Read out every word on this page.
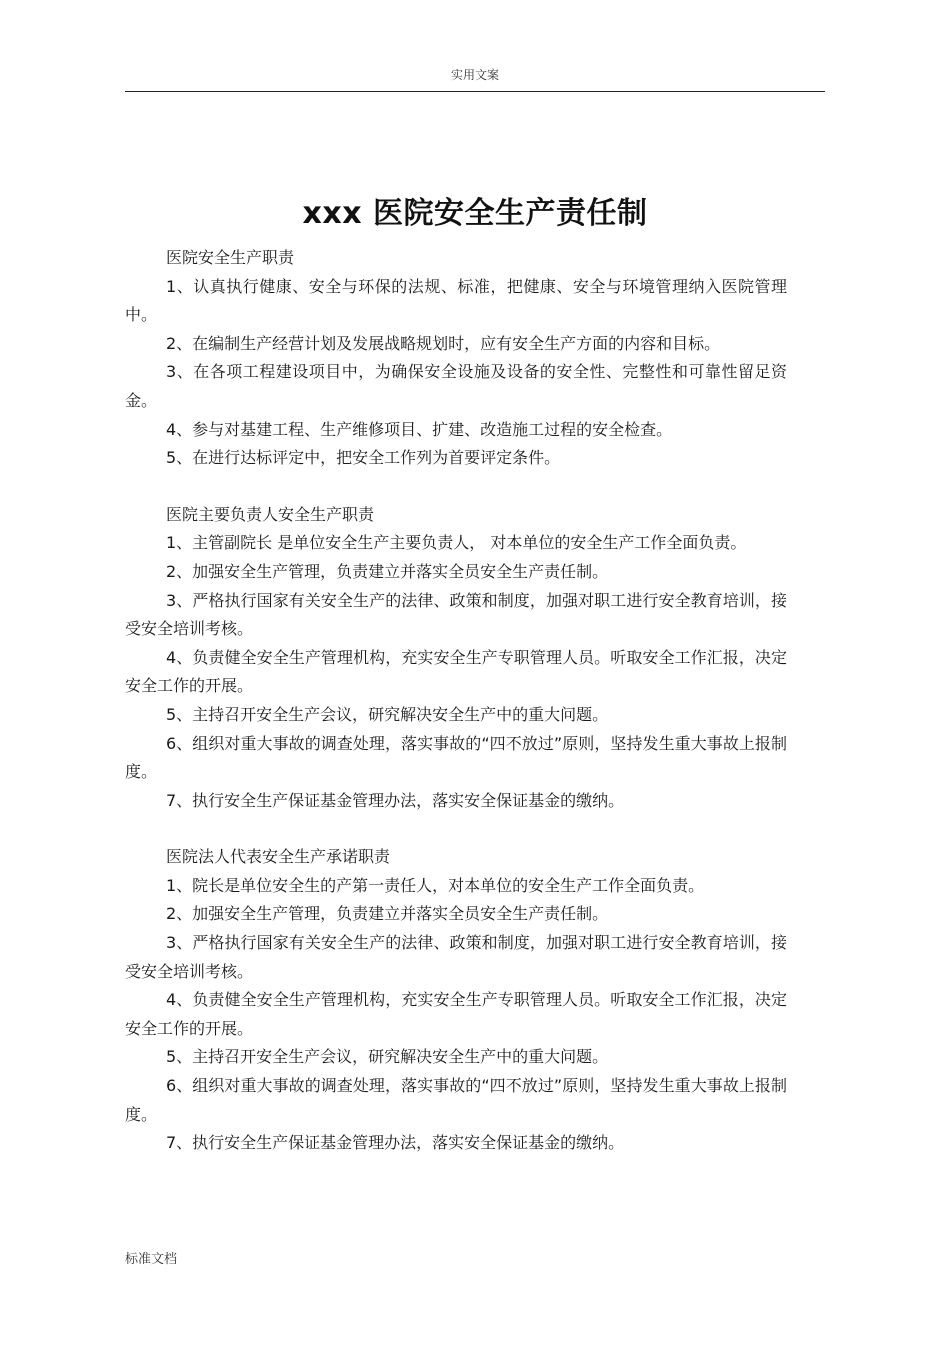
实用文案
xxx 医院安全生产责任制

医院安全生产职责

1、认真执行健康、安全与环保的法规、标准，把健康、安全与环境管理纳入医院管理中。

2、在编制生产经营计划及发展战略规划时，应有安全生产方面的内容和目标。

3、在各项工程建设项目中，为确保安全设施及设备的安全性、完整性和可靠性留足资金。

4、参与对基建工程、生产维修项目、扩建、改造施工过程的安全检查。

5、在进行达标评定中，把安全工作列为首要评定条件。

医院主要负责人安全生产职责

1、主管副院长 是单位安全生产主要负责人， 对本单位的安全生产工作全面负责。

2、加强安全生产管理，负责建立并落实全员安全生产责任制。

3、严格执行国家有关安全生产的法律、政策和制度，加强对职工进行安全教育培训，接受安全培训考核。

4、负责健全安全生产管理机构，充实安全生产专职管理人员。听取安全工作汇报，决定安全工作的开展。

5、主持召开安全生产会议，研究解决安全生产中的重大问题。

6、组织对重大事故的调查处理，落实事故的“四不放过”原则，坚持发生重大事故上报制度。

7、执行安全生产保证基金管理办法，落实安全保证基金的缴纳。

医院法人代表安全生产承诺职责

1、院长是单位安全生的产第一责任人，对本单位的安全生产工作全面负责。

2、加强安全生产管理，负责建立并落实全员安全生产责任制。

3、严格执行国家有关安全生产的法律、政策和制度，加强对职工进行安全教育培训，接受安全培训考核。

4、负责健全安全生产管理机构，充实安全生产专职管理人员。听取安全工作汇报，决定安全工作的开展。

5、主持召开安全生产会议，研究解决安全生产中的重大问题。

6、组织对重大事故的调查处理，落实事故的“四不放过”原则，坚持发生重大事故上报制度。

7、执行安全生产保证基金管理办法，落实安全保证基金的缴纳。

标准文档
